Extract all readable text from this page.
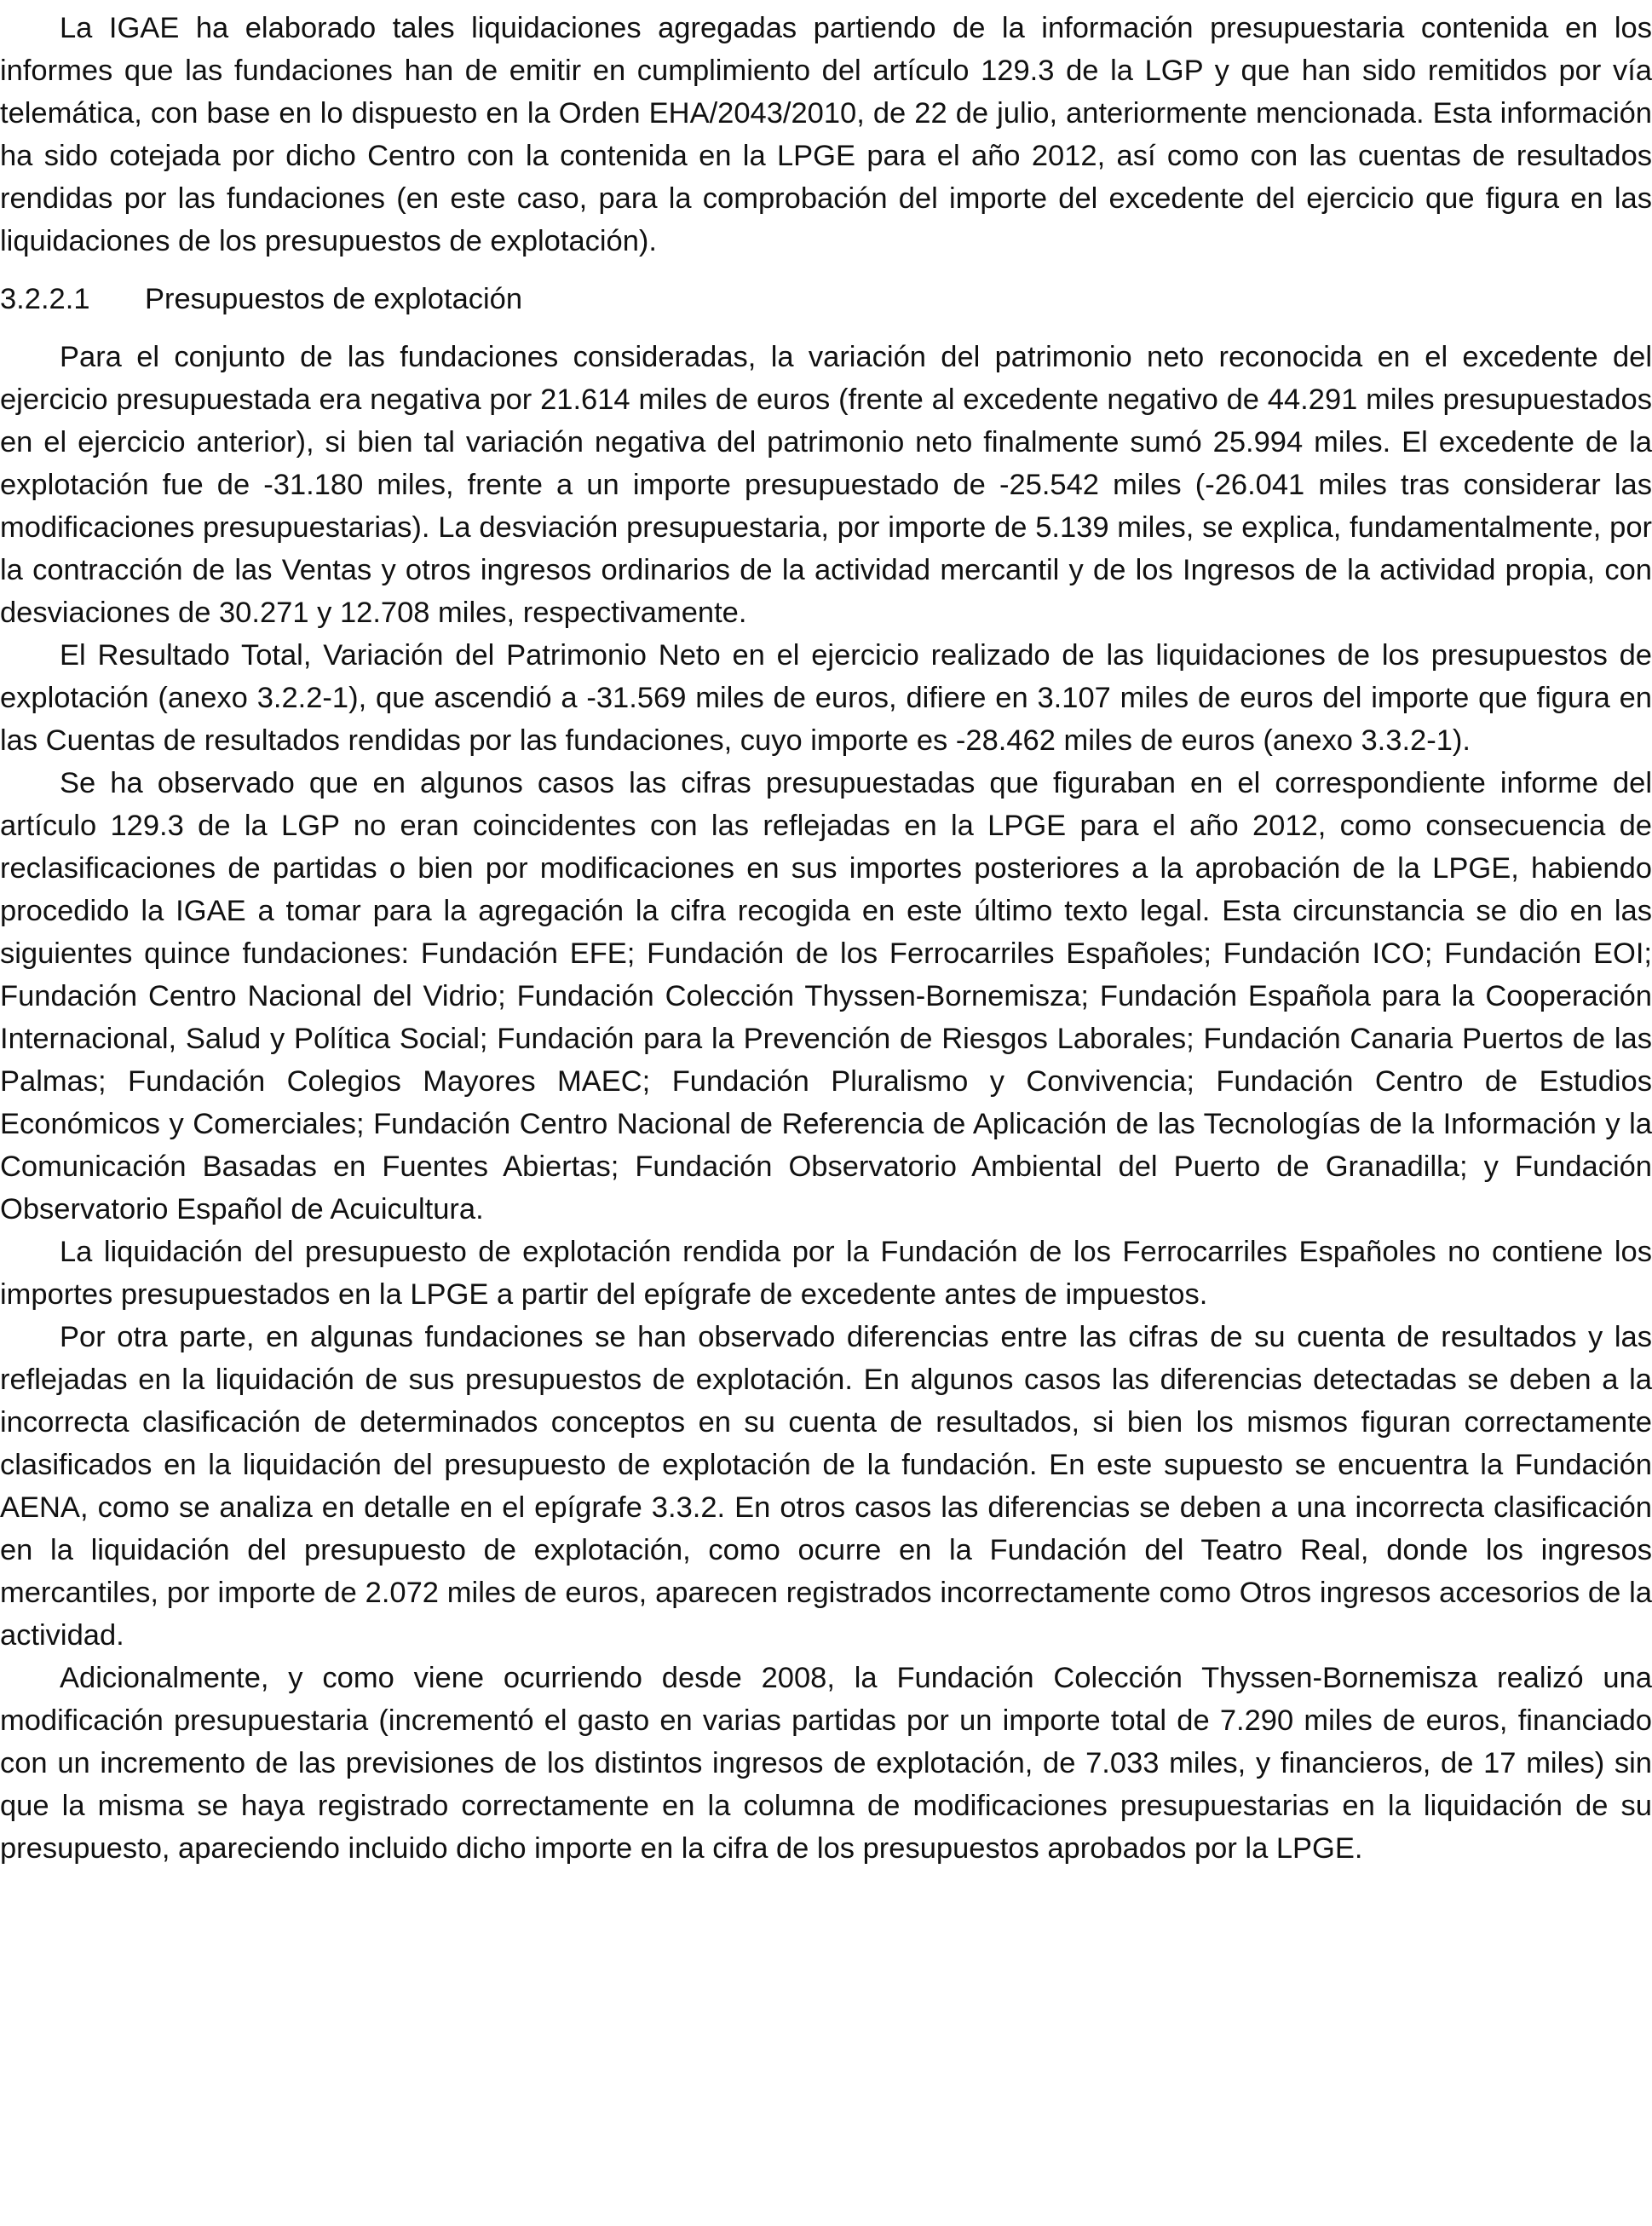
La IGAE ha elaborado tales liquidaciones agregadas partiendo de la información presupuestaria contenida en los informes que las fundaciones han de emitir en cumplimiento del artículo 129.3 de la LGP y que han sido remitidos por vía telemática, con base en lo dispuesto en la Orden EHA/2043/2010, de 22 de julio, anteriormente mencionada. Esta información ha sido cotejada por dicho Centro con la contenida en la LPGE para el año 2012, así como con las cuentas de resultados rendidas por las fundaciones (en este caso, para la comprobación del importe del excedente del ejercicio que figura en las liquidaciones de los presupuestos de explotación).

3.2.2.1	Presupuestos de explotación

Para el conjunto de las fundaciones consideradas, la variación del patrimonio neto reconocida en el excedente del ejercicio presupuestada era negativa por 21.614 miles de euros (frente al excedente negativo de 44.291 miles presupuestados en el ejercicio anterior), si bien tal variación negativa del patrimonio neto finalmente sumó 25.994 miles. El excedente de la explotación fue de -31.180 miles, frente a un importe presupuestado de -25.542 miles (-26.041 miles tras considerar las modificaciones presupuestarias). La desviación presupuestaria, por importe de 5.139 miles, se explica, fundamentalmente, por la contracción de las Ventas y otros ingresos ordinarios de la actividad mercantil y de los Ingresos de la actividad propia, con desviaciones de 30.271 y 12.708 miles, respectivamente.

El Resultado Total, Variación del Patrimonio Neto en el ejercicio realizado de las liquidaciones de los presupuestos de explotación (anexo 3.2.2-1), que ascendió a -31.569 miles de euros, difiere en 3.107 miles de euros del importe que figura en las Cuentas de resultados rendidas por las fundaciones, cuyo importe es -28.462 miles de euros (anexo 3.3.2-1).

Se ha observado que en algunos casos las cifras presupuestadas que figuraban en el correspondiente informe del artículo 129.3 de la LGP no eran coincidentes con las reflejadas en la LPGE para el año 2012, como consecuencia de reclasificaciones de partidas o bien por modificaciones en sus importes posteriores a la aprobación de la LPGE, habiendo procedido la IGAE a tomar para la agregación la cifra recogida en este último texto legal. Esta circunstancia se dio en las siguientes quince fundaciones: Fundación EFE; Fundación de los Ferrocarriles Españoles; Fundación ICO; Fundación EOI; Fundación Centro Nacional del Vidrio; Fundación Colección Thyssen-Bornemisza; Fundación Española para la Cooperación Internacional, Salud y Política Social; Fundación para la Prevención de Riesgos Laborales; Fundación Canaria Puertos de las Palmas; Fundación Colegios Mayores MAEC; Fundación Pluralismo y Convivencia; Fundación Centro de Estudios Económicos y Comerciales; Fundación Centro Nacional de Referencia de Aplicación de las Tecnologías de la Información y la Comunicación Basadas en Fuentes Abiertas; Fundación Observatorio Ambiental del Puerto de Granadilla; y Fundación Observatorio Español de Acuicultura.

La liquidación del presupuesto de explotación rendida por la Fundación de los Ferrocarriles Españoles no contiene los importes presupuestados en la LPGE a partir del epígrafe de excedente antes de impuestos.

Por otra parte, en algunas fundaciones se han observado diferencias entre las cifras de su cuenta de resultados y las reflejadas en la liquidación de sus presupuestos de explotación. En algunos casos las diferencias detectadas se deben a la incorrecta clasificación de determinados conceptos en su cuenta de resultados, si bien los mismos figuran correctamente clasificados en la liquidación del presupuesto de explotación de la fundación. En este supuesto se encuentra la Fundación AENA, como se analiza en detalle en el epígrafe 3.3.2. En otros casos las diferencias se deben a una incorrecta clasificación en la liquidación del presupuesto de explotación, como ocurre en la Fundación del Teatro Real, donde los ingresos mercantiles, por importe de 2.072 miles de euros, aparecen registrados incorrectamente como Otros ingresos accesorios de la actividad.

Adicionalmente, y como viene ocurriendo desde 2008, la Fundación Colección Thyssen-Bornemisza realizó una modificación presupuestaria (incrementó el gasto en varias partidas por un importe total de 7.290 miles de euros, financiado con un incremento de las previsiones de los distintos ingresos de explotación, de 7.033 miles, y financieros, de 17 miles) sin que la misma se haya registrado correctamente en la columna de modificaciones presupuestarias en la liquidación de su presupuesto, apareciendo incluido dicho importe en la cifra de los presupuestos aprobados por la LPGE.
